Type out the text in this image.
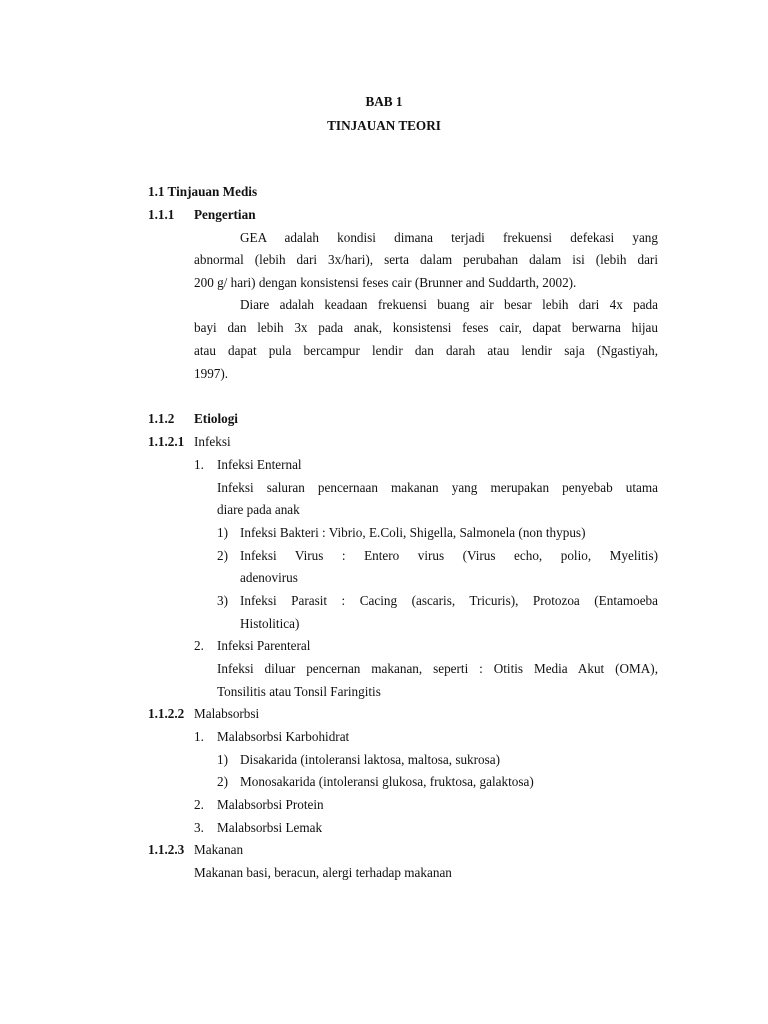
BAB 1
TINJAUAN TEORI
1.1 Tinjauan Medis
1.1.1 Pengertian
GEA adalah kondisi dimana terjadi frekuensi defekasi yang
abnormal (lebih dari 3x/hari), serta dalam perubahan dalam isi (lebih dari
200 g/ hari) dengan konsistensi feses cair (Brunner and Suddarth, 2002).
Diare adalah keadaan frekuensi buang air besar lebih dari 4x pada
bayi dan lebih 3x pada anak, konsistensi feses cair, dapat berwarna hijau
atau dapat pula bercampur lendir dan darah atau lendir saja (Ngastiyah,
1997).
1.1.2 Etiologi
1.1.2.1 Infeksi
1. Infeksi Enternal
Infeksi saluran pencernaan makanan yang merupakan penyebab utama
diare pada anak
1) Infeksi Bakteri : Vibrio, E.Coli, Shigella, Salmonela (non thypus)
2) Infeksi Virus : Entero virus (Virus echo, polio, Myelitis)
adenovirus
3) Infeksi Parasit : Cacing (ascaris, Tricuris), Protozoa (Entamoeba
Histolitica)
2. Infeksi Parenteral
Infeksi diluar pencernan makanan, seperti : Otitis Media Akut (OMA),
Tonsilitis atau Tonsil Faringitis
1.1.2.2 Malabsorbsi
1. Malabsorbsi Karbohidrat
1) Disakarida (intoleransi laktosa, maltosa, sukrosa)
2) Monosakarida (intoleransi glukosa, fruktosa, galaktosa)
2. Malabsorbsi Protein
3. Malabsorbsi Lemak
1.1.2.3 Makanan
Makanan basi, beracun, alergi terhadap makanan
